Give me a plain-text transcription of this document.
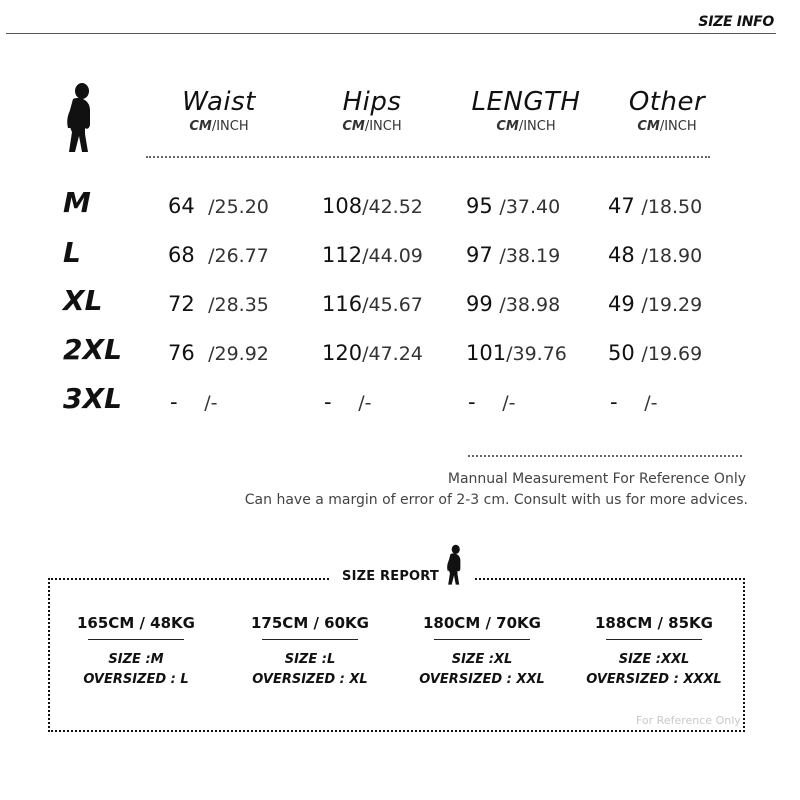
SIZE INFO
Waist
CM/INCH
Hips
CM/INCH
LENGTH
CM/INCH
Other
CM/INCH
M	64 /25.20	108/42.52 95 /37.40 47 /18.50
L	68 /26.77	112/44.09 97 /38.19 48 /18.90
XL	72 /28.35	116/45.67 99 /38.98 49 /19.29
2XL 76 /29.92	120/47.24 101/39.76 50 /19.69
3XL - /-	- /-	- /-	- /-
Mannual Measurement For Reference Only
Can have a margin of error of 2-3 cm. Consult with us for more advices.
SIZE REPORT
165CM / 48KG
SIZE :M
OVERSIZED : L
175CM / 60KG
SIZE :L
OVERSIZED : XL
180CM / 70KG
SIZE :XL
OVERSIZED : XXL
188CM / 85KG
SIZE :XXL
OVERSIZED : XXXL
For Reference Only
